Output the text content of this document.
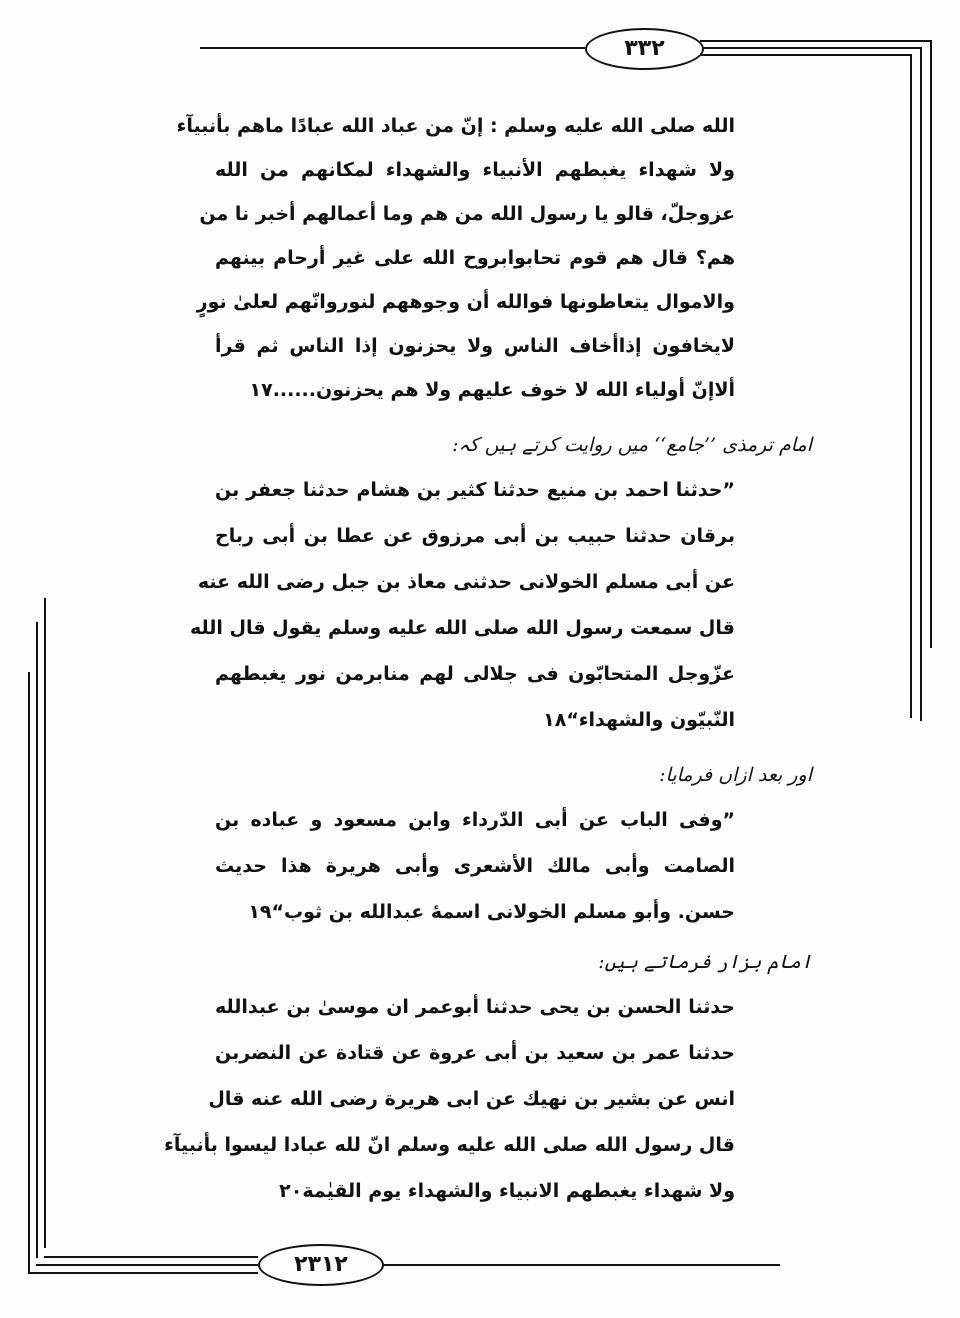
٣٣٢
٢٣١٢
الله صلى الله عليه وسلم : إنّ من عباد الله عبادًا ماهم بأنبيآء
ولا شهداء يغبطهم الأنبياء والشهداء لمكانهم من الله
عزوجلّ، قالو يا رسول الله من هم وما أعمالهم أخبر نا من
هم؟ قال هم قوم تحابوابروح الله على غير أرحام بينهم
والاموال يتعاطونها فوالله أن وجوههم لنوروانّهم لعلىٰ نورٍ
لايخافون إذاأخاف الناس ولا يحزنون إذا الناس ثم قرأ
ألاإنّ أولياء الله لا خوف عليهم ولا هم يحزنون......١٧
امام ترمذی ’’جامع‘‘ میں روایت کرتے ہیں کہ:
”حدثنا احمد بن منيع حدثنا كثير بن هشام حدثنا جعفر بن
برقان حدثنا حبيب بن أبى مرزوق عن عطا بن أبى رباح
عن أبى مسلم الخولانى حدثنى معاذ بن جبل رضى الله عنه
قال سمعت رسول الله صلى الله عليه وسلم يقول قال الله
عزّوجل المتحابّون فى جلالى لهم منابرمن نور يغبطهم
النّبيّون والشهداء“١٨
اور بعد ازاں فرمایا:
”وفى الباب عن أبى الدّرداء وابن مسعود و عباده بن
الصامت وأبى مالك الأشعرى وأبى هريرة هذا حديث
حسن. وأبو مسلم الخولانى اسمهٔ عبدالله بن ثوب“١٩
امام بزار فرماتے ہیں:
حدثنا الحسن بن يحى حدثنا أبوعمر ان موسىٰ بن عبدالله
حدثنا عمر بن سعيد بن أبى عروة عن قتادة عن النضربن
انس عن بشير بن نهيك عن ابى هريرة رضى الله عنه قال
قال رسول الله صلى الله عليه وسلم انّ لله عبادا ليسوا بأنبيآء
ولا شهداء يغبطهم الانبياء والشهداء يوم القيٰمة٢٠
